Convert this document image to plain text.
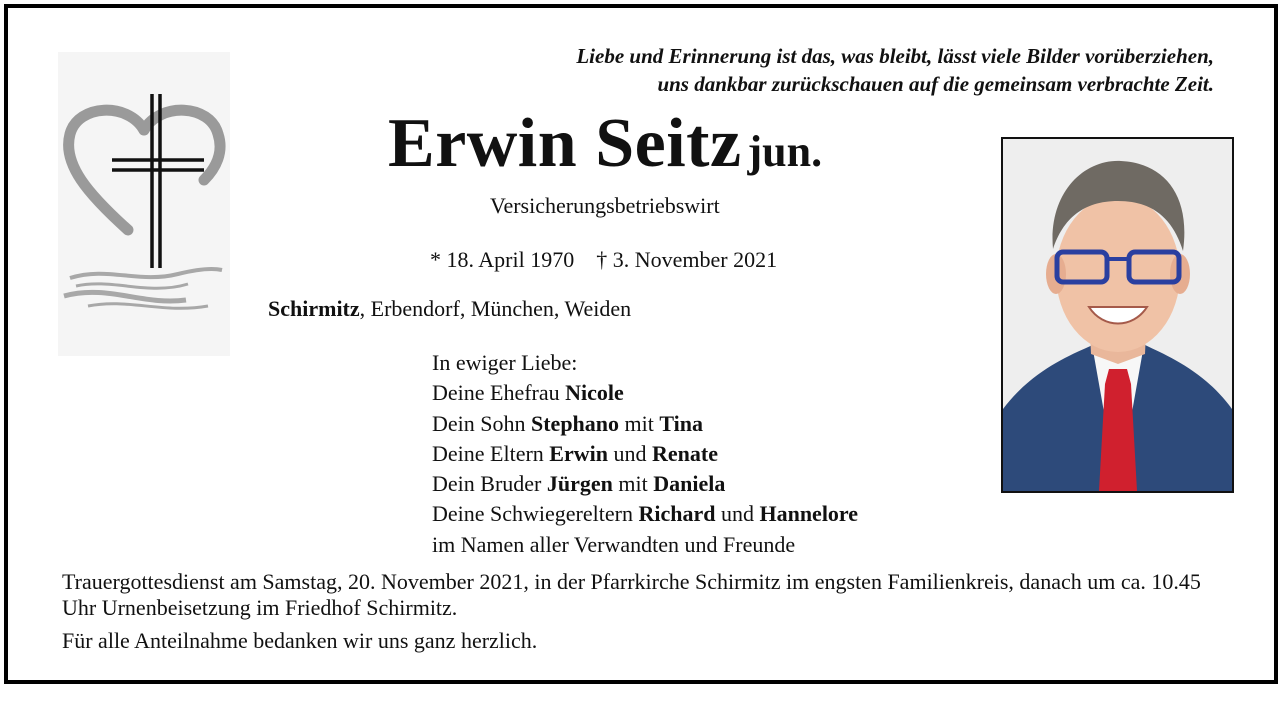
Liebe und Erinnerung ist das, was bleibt, lässt viele Bilder vorüberziehen,
uns dankbar zurückschauen auf die gemeinsam verbrachte Zeit.
Erwin Seitz jun.
Versicherungsbetriebswirt
* 18. April 1970 † 3. November 2021
Schirmitz, Erbendorf, München, Weiden
In ewiger Liebe:
Deine Ehefrau Nicole
Dein Sohn Stephano mit Tina
Deine Eltern Erwin und Renate
Dein Bruder Jürgen mit Daniela
Deine Schwiegereltern Richard und Hannelore
im Namen aller Verwandten und Freunde
Trauergottesdienst am Samstag, 20. November 2021, in der Pfarrkirche Schirmitz im engsten Familienkreis, danach um ca. 10.45 Uhr Urnenbeisetzung im Friedhof Schirmitz.
Für alle Anteilnahme bedanken wir uns ganz herzlich.
